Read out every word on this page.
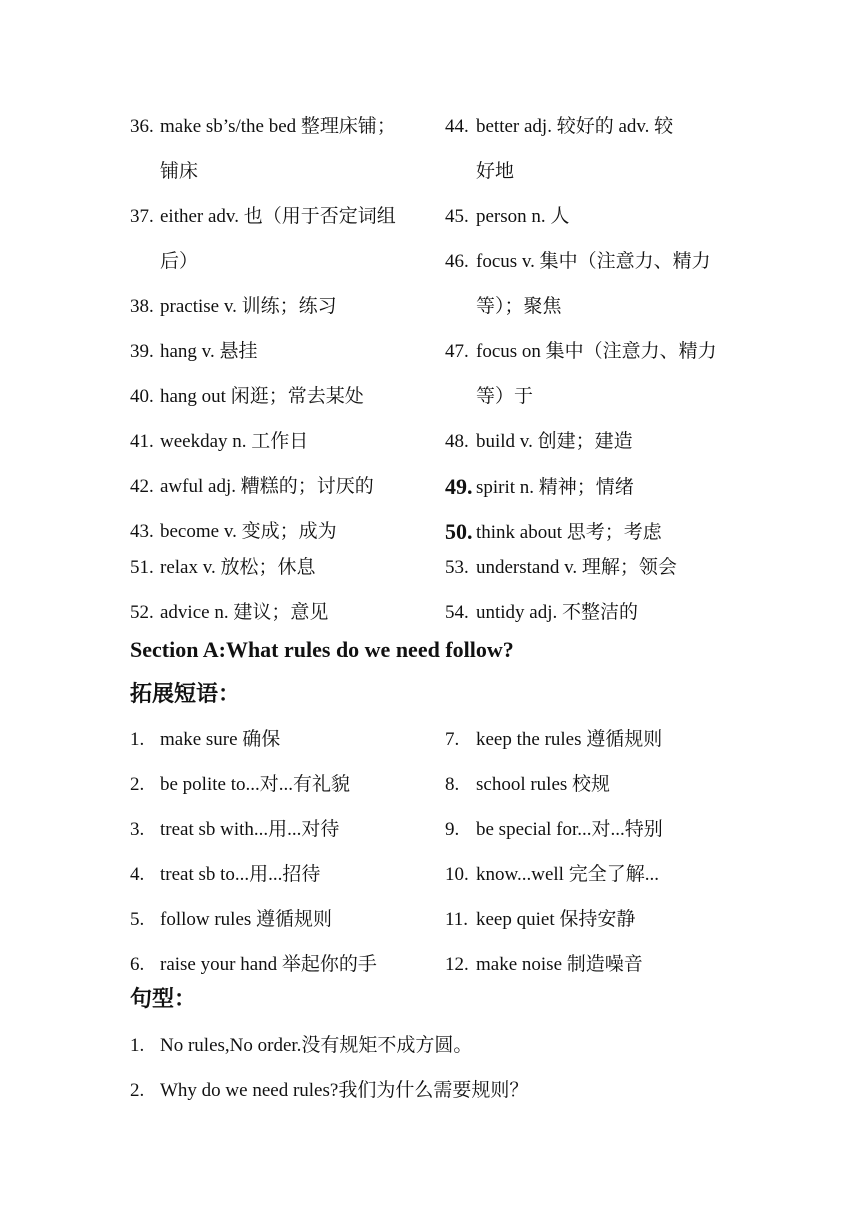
36. make sb’s/the bed 整理床铺；
铺床
37. either adv. 也（用于否定词组
后）
38. practise v. 训练；练习
39. hang v. 悬挂
40. hang out 闲逛；常去某处
41. weekday n. 工作日
42. awful adj. 糟糕的；讨厌的
43. become v. 变成；成为
51. relax v. 放松；休息
52. advice n. 建议；意见
44. better adj. 较好的 adv. 较
好地
45. person n. 人
46. focus v. 集中（注意力、精力
等）；聚焦
47. focus on 集中（注意力、精力
等）于
48. build v. 创建；建造
49. spirit n. 精神；情绪
50. think about 思考；考虑
53. understand v. 理解；领会
54. untidy adj. 不整洁的
Section A:What rules do we need follow?
拓展短语：
1. make sure 确保
2. be polite to...对...有礼貌
3. treat sb with...用...对待
4. treat sb to...用...招待
5. follow rules 遵循规则
6. raise your hand 举起你的手
7. keep the rules 遵循规则
8. school rules 校规
9. be special for...对...特别
10. know...well 完全了解...
11. keep quiet 保持安静
12. make noise 制造噪音
句型：
1. No rules,No order.没有规矩不成方圆。
2. Why do we need rules?我们为什么需要规则？
